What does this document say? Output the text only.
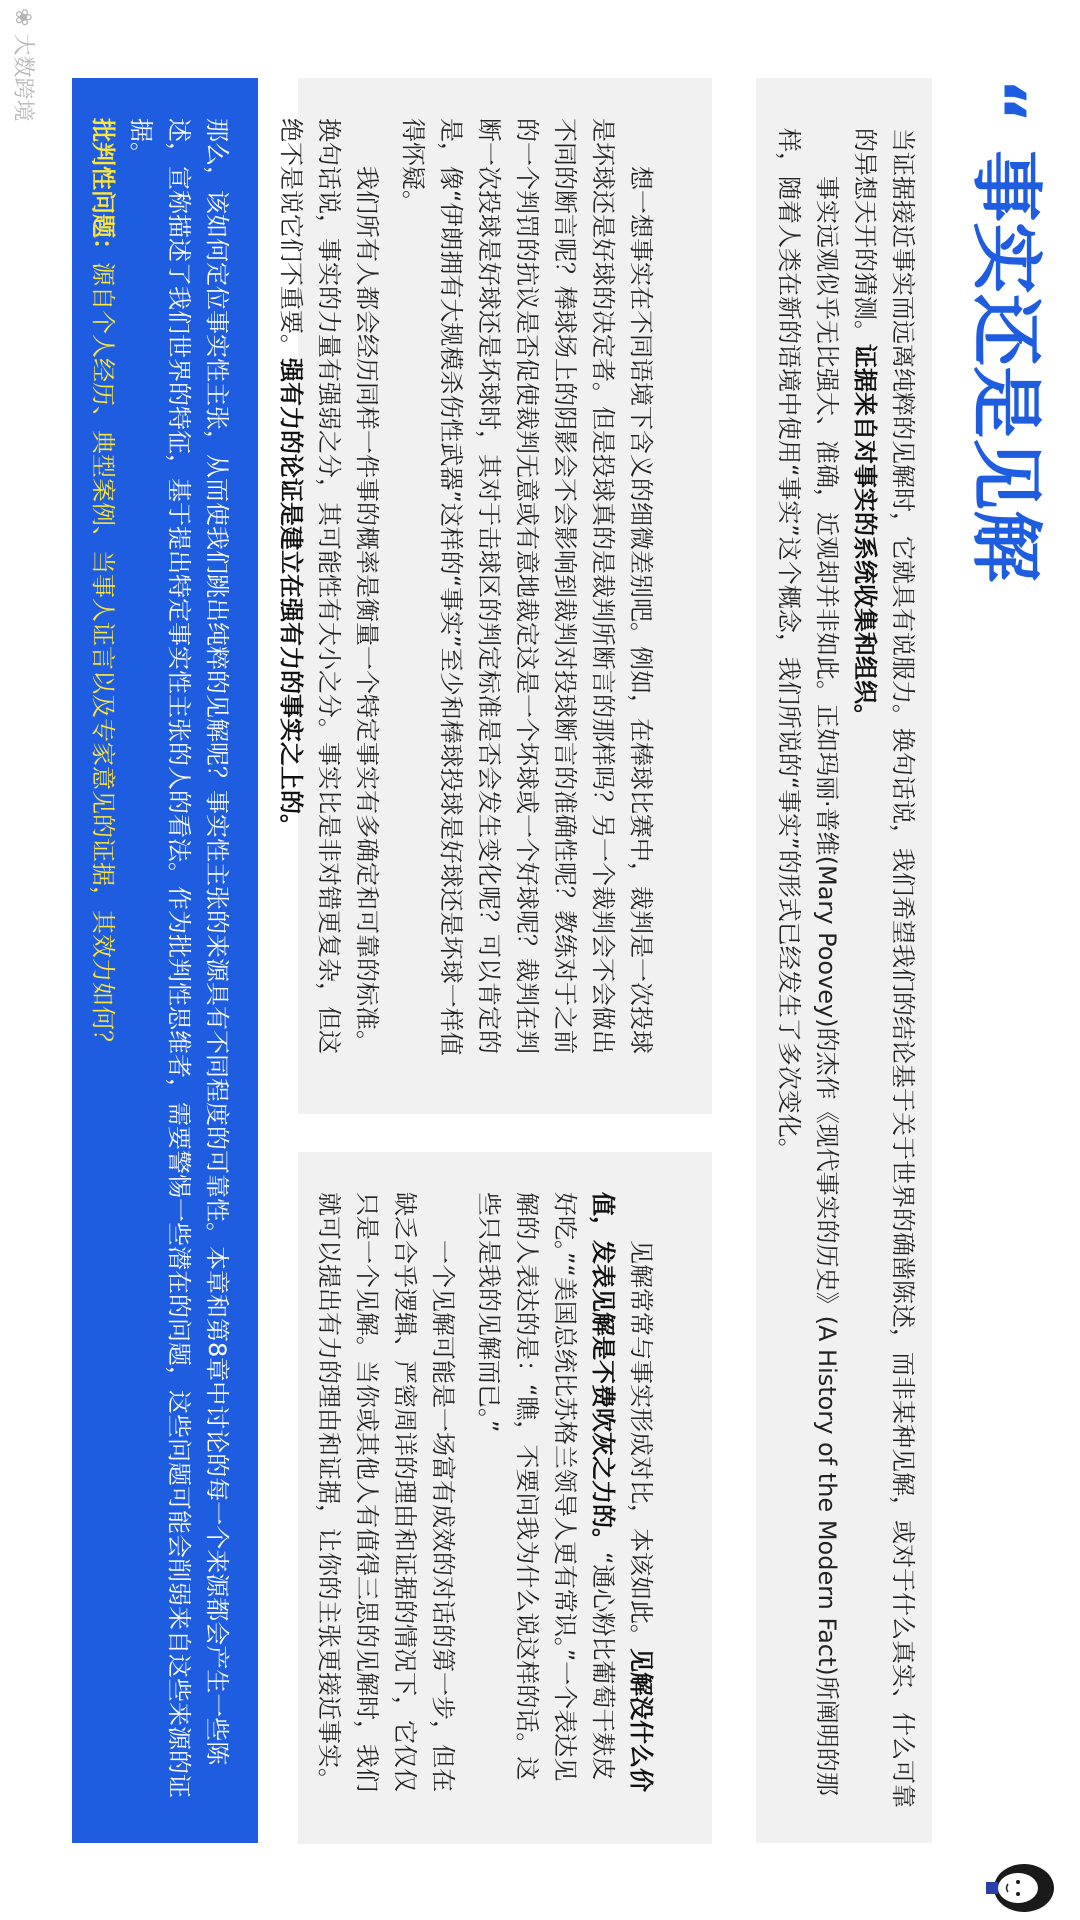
“
事实还是见解

当证据接近事实而远离纯粹的见解时，它就具有说服力。换句话说，我们希望我们的结论基于关于世界的确凿陈述，而非某种见解，或对于什么真实、什么可靠的异想天开的猜测。证据来自对事实的系统收集和组织。

事实远观似乎无比强大、准确，近观却并非如此。正如玛丽·普维(Mary Poovey)的杰作《现代事实的历史》(A History of the Modern Fact)所阐明的那样，随着人类在新的语境中使用“事实”这个概念，我们所说的“事实”的形式已经发生了多次变化。

想一想事实在不同语境下含义的细微差别吧。例如，在棒球比赛中，裁判是一次投球是坏球还是好球的决定者。但是投球真的是裁判所断言的那样吗？另一个裁判会不会做出不同的断言呢？棒球场上的阴影会不会影响到裁判对投球断言的准确性呢？教练对于之前的一个判罚的抗议是否促使裁判无意或有意地裁定这是一个坏球或一个好球呢？裁判在判断一次投球是好球还是坏球时，其对于击球区的判定标准是否会发生变化呢？可以肯定的是，像“伊朗拥有大规模杀伤性武器”这样的“事实”至少和棒球投球是好球还是坏球一样值得怀疑。

我们所有人都会经历同样一件事的概率是衡量一个特定事实有多确定和可靠的标准。换句话说，事实的力量有强弱之分，其可能性有大小之分。事实比是非对错更复杂，但这绝不是说它们不重要。强有力的论证是建立在强有力的事实之上的。

见解常常与事实形成对比，本该如此。见解没什么价值，发表见解是不费吹灰之力的。“通心粉比葡萄干麸皮好吃。”“美国总统比苏格兰领导人更有常识。”一个表达见解的人表达的是：“瞧，不要问我为什么说这样的话。这些只是我的见解而已。”

一个见解可能是一场富有成效的对话的第一步，但在缺乏合乎逻辑、严密周详的理由和证据的情况下，它仅仅只是一个见解。当你或其他人有值得三思的见解时，我们就可以提出有力的理由和证据，让你的主张更接近事实。

那么，该如何定位事实性主张，从而使我们跳出纯粹的见解呢？事实性主张的来源具有不同程度的可靠性。本章和第8章中讨论的每一个来源都会产生一些陈述，宣称描述了我们世界的特征，基于提出特定事实性主张的人的看法。作为批判性思维者，需要警惕一些潜在的问题，这些问题可能会削弱来自这些来源的证据。

批判性问题：源自个人经历、典型案例、当事人证言以及专家意见的证据，其效力如何？

❀ 大数跨境
